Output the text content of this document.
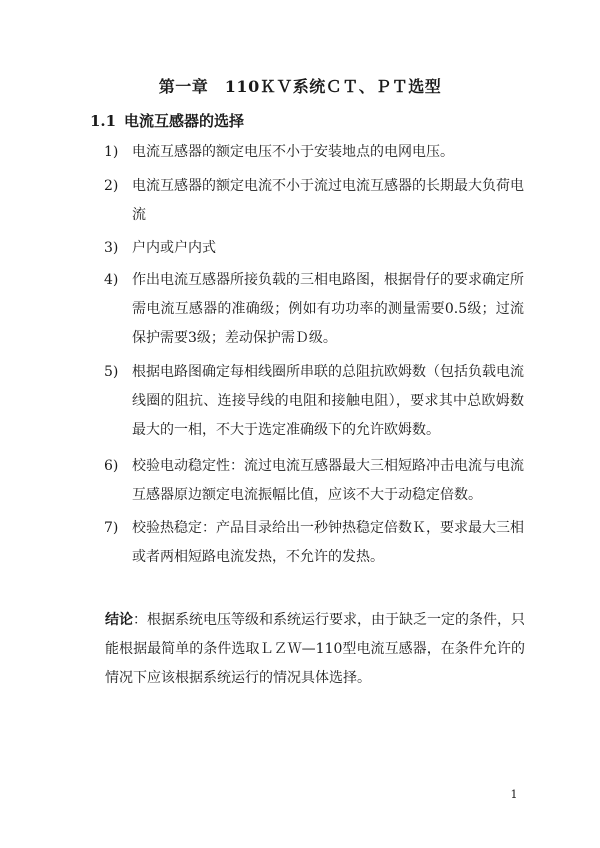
第一章　110ＫＶ系统ＣＴ、ＰＴ选型
1.1 电流互感器的选择
1) 电流互感器的额定电压不小于安装地点的电网电压。
2) 电流互感器的额定电流不小于流过电流互感器的长期最大负荷电流
3) 户内或户内式
4) 作出电流互感器所接负载的三相电路图，根据骨仔的要求确定所需电流互感器的准确级；例如有功功率的测量需要0.5级；过流保护需要3级；差动保护需Ｄ级。
5) 根据电路图确定每相线圈所串联的总阻抗欧姆数（包括负载电流线圈的阻抗、连接导线的电阻和接触电阻），要求其中总欧姆数最大的一相，不大于选定准确级下的允许欧姆数。
6) 校验电动稳定性：流过电流互感器最大三相短路冲击电流与电流互感器原边额定电流振幅比值，应该不大于动稳定倍数。
7) 校验热稳定：产品目录给出一秒钟热稳定倍数Ｋ，要求最大三相或者两相短路电流发热，不允许的发热。
结论：根据系统电压等级和系统运行要求，由于缺乏一定的条件，只能根据最简单的条件选取ＬＺＷ—110型电流互感器，在条件允许的情况下应该根据系统运行的情况具体选择。
1
